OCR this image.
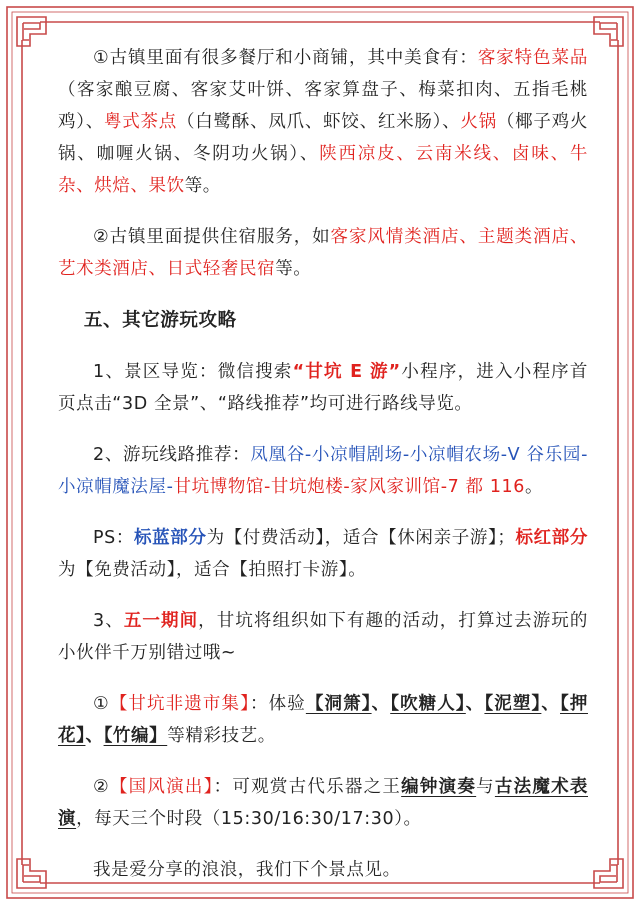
①古镇里面有很多餐厅和小商铺，其中美食有：客家特色菜品（客家酿豆腐、客家艾叶饼、客家算盘子、梅菜扣肉、五指毛桃鸡）、粤式茶点（白鹭酥、凤爪、虾饺、红米肠）、火锅（椰子鸡火锅、咖喱火锅、冬阴功火锅）、陕西凉皮、云南米线、卤味、牛杂、烘焙、果饮等。

②古镇里面提供住宿服务，如客家风情类酒店、主题类酒店、艺术类酒店、日式轻奢民宿等。

五、其它游玩攻略

1、景区导览：微信搜索“甘坑 E 游”小程序，进入小程序首页点击“3D 全景”、“路线推荐”均可进行路线导览。

2、游玩线路推荐：凤凰谷-小凉帽剧场-小凉帽农场-V 谷乐园-小凉帽魔法屋-甘坑博物馆-甘坑炮楼-家风家训馆-7 都 116。

PS：标蓝部分为【付费活动】，适合【休闲亲子游】；标红部分为【免费活动】，适合【拍照打卡游】。

3、五一期间，甘坑将组织如下有趣的活动，打算过去游玩的小伙伴千万别错过哦~

①【甘坑非遗市集】：体验【洞箫】、【吹糖人】、【泥塑】、【押花】、【竹编】等精彩技艺。

②【国风演出】：可观赏古代乐器之王编钟演奏与古法魔术表演，每天三个时段（15:30/16:30/17:30）。

我是爱分享的浪浪，我们下个景点见。
